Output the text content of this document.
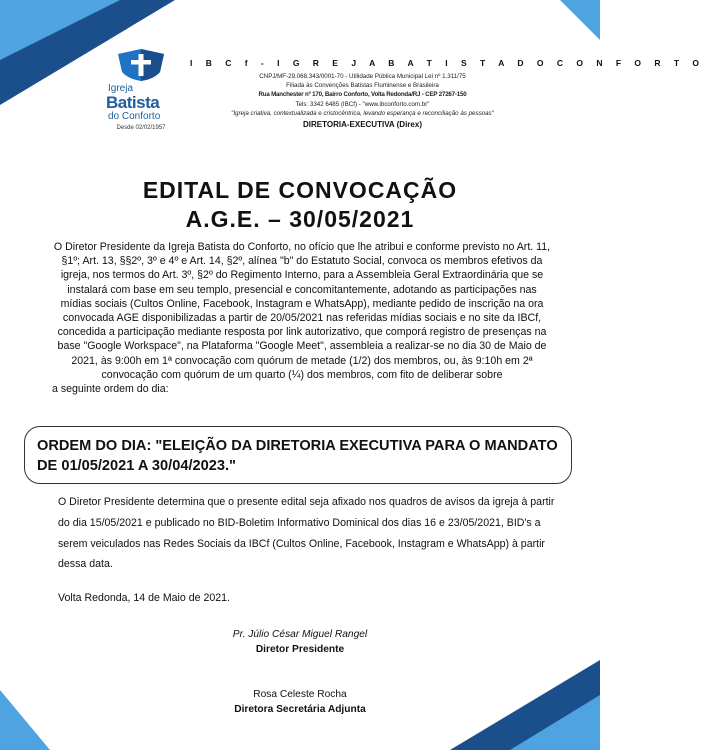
Igreja
Batista
do Conforto
Desde 02/02/1957
I B C f - I G R E J A B A T I S T A D O C O N F O R T O
CNPJ/MF-29.068.343/0001-70 - Utilidade Pública Municipal Lei nº 1.311/75
Filiada às Convenções Batistas Fluminense e Brasileira
Rua Manchester nº 170, Bairro Conforto, Volta Redonda/RJ - CEP 27267-150
Tels: 3342 6485 (IBCf) - "www.ibconforto.com.br"
"Igreja criativa, contextualizada e cristocêntrica, levando esperança e reconciliação às pessoas"
DIRETORIA-EXECUTIVA (Direx)
EDITAL DE CONVOCAÇÃO
A.G.E. – 30/05/2021
O Diretor Presidente da Igreja Batista do Conforto, no ofício que lhe atribui e conforme previsto no Art. 11, §1º; Art. 13, §§2º, 3º e 4º e Art. 14, §2º, alínea "b" do Estatuto Social, convoca os membros efetivos da igreja, nos termos do Art. 3º, §2º do Regimento Interno, para a Assembleia Geral Extraordinária que se instalará com base em seu templo, presencial e concomitantemente, adotando as participações nas mídias sociais (Cultos Online, Facebook, Instagram e WhatsApp), mediante pedido de inscrição na ora convocada AGE disponibilizadas a partir de 20/05/2021 nas referidas mídias sociais e no site da IBCf, concedida a participação mediante resposta por link autorizativo, que comporá registro de presenças na base "Google Workspace", na Plataforma "Google Meet", assembleia a realizar-se no dia 30 de Maio de 2021, às 9:00h em 1ª convocação com quórum de metade (1/2) dos membros, ou, às 9:10h em 2ª convocação com quórum de um quarto (¼) dos membros, com fito de deliberar sobre
a seguinte ordem do dia:
ORDEM DO DIA: "ELEIÇÃO DA DIRETORIA EXECUTIVA PARA O MANDATO DE 01/05/2021 A 30/04/2023."
O Diretor Presidente determina que o presente edital seja afixado nos quadros de avisos da igreja à partir do dia 15/05/2021 e publicado no BID-Boletim Informativo Dominical dos dias 16 e 23/05/2021, BID's a serem veiculados nas Redes Sociais da IBCf (Cultos Online, Facebook, Instagram e WhatsApp) à partir dessa data.
Volta Redonda, 14 de Maio de 2021.
Pr. Júlio César Miguel Rangel
Diretor Presidente
Rosa Celeste Rocha
Diretora Secretária Adjunta
